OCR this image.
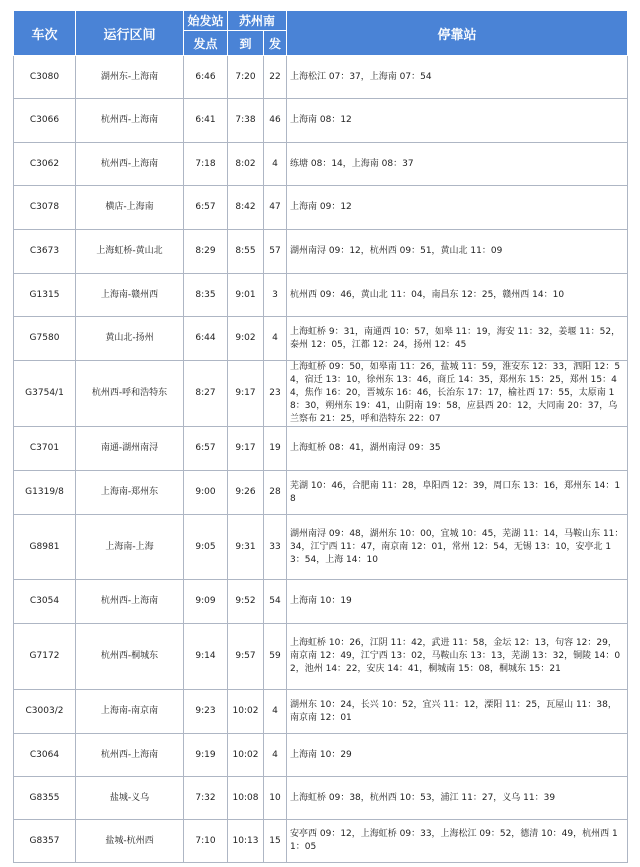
车次	运行区间	始发站	苏州南		停靠站
		发点	到	发	
C3080	湖州东-上海南	6:46	7:20	22	上海松江 07：37，上海南 07：54
C3066	杭州西-上海南	6:41	7:38	46	上海南 08：12
C3062	杭州西-上海南	7:18	8:02	4	练塘 08：14，上海南 08：37
C3078	横店-上海南	6:57	8:42	47	上海南 09：12
C3673	上海虹桥-黄山北	8:29	8:55	57	湖州南浔 09：12，杭州西 09：51，黄山北 11：09
G1315	上海南-赣州西	8:35	9:01	3	杭州西 09：46，黄山北 11：04，南昌东 12：25，赣州西 14：10
G7580	黄山北-扬州	6:44	9:02	4	上海虹桥 9：31，南通西 10：57，如皋 11：19，海安 11：32，姜堰 11：52，泰州 12：05，江都 12：24，扬州 12：45
G3754/1	杭州西-呼和浩特东	8:27	9:17	23	上海虹桥 09：50，如皋南 11：26，盐城 11：59，淮安东 12：33，泗阳 12：54，宿迁 13：10，徐州东 13：46，商丘 14：35，郑州东 15：25，郑州 15：44，焦作 16：20，晋城东 16：46，长治东 17：17，榆社西 17：55，太原南 18：30，朔州东 19：41，山阴南 19：58，应县西 20：12，大同南 20：37，乌兰察布 21：25，呼和浩特东 22：07
C3701	南通-湖州南浔	6:57	9:17	19	上海虹桥 08：41，湖州南浔 09：35
G1319/8	上海南-郑州东	9:00	9:26	28	芜湖 10：46，合肥南 11：28，阜阳西 12：39，周口东 13：16，郑州东 14：18
G8981	上海南-上海	9:05	9:31	33	湖州南浔 09：48，湖州东 10：00，宜城 10：45，芜湖 11：14，马鞍山东 11：34，江宁西 11：47，南京南 12：01，常州 12：54，无锡 13：10，安亭北 13：54，上海 14：10
C3054	杭州西-上海南	9:09	9:52	54	上海南 10：19
G7172	杭州西-桐城东	9:14	9:57	59	上海虹桥 10：26，江阴 11：42，武进 11：58，金坛 12：13，句容 12：29，南京南 12：49，江宁西 13：02，马鞍山东 13：13，芜湖 13：32，铜陵 14：02，池州 14：22，安庆 14：41，桐城南 15：08，桐城东 15：21
C3003/2	上海南-南京南	9:23	10:02	4	湖州东 10：24，长兴 10：52，宜兴 11：12，溧阳 11：25，瓦屋山 11：38，南京南 12：01
C3064	杭州西-上海南	9:19	10:02	4	上海南 10：29
G8355	盐城-义乌	7:32	10:08	10	上海虹桥 09：38，杭州西 10：53，浦江 11：27，义乌 11：39
G8357	盐城-杭州西	7:10	10:13	15	安亭西 09：12，上海虹桥 09：33，上海松江 09：52，德清 10：49，杭州西 11：05
